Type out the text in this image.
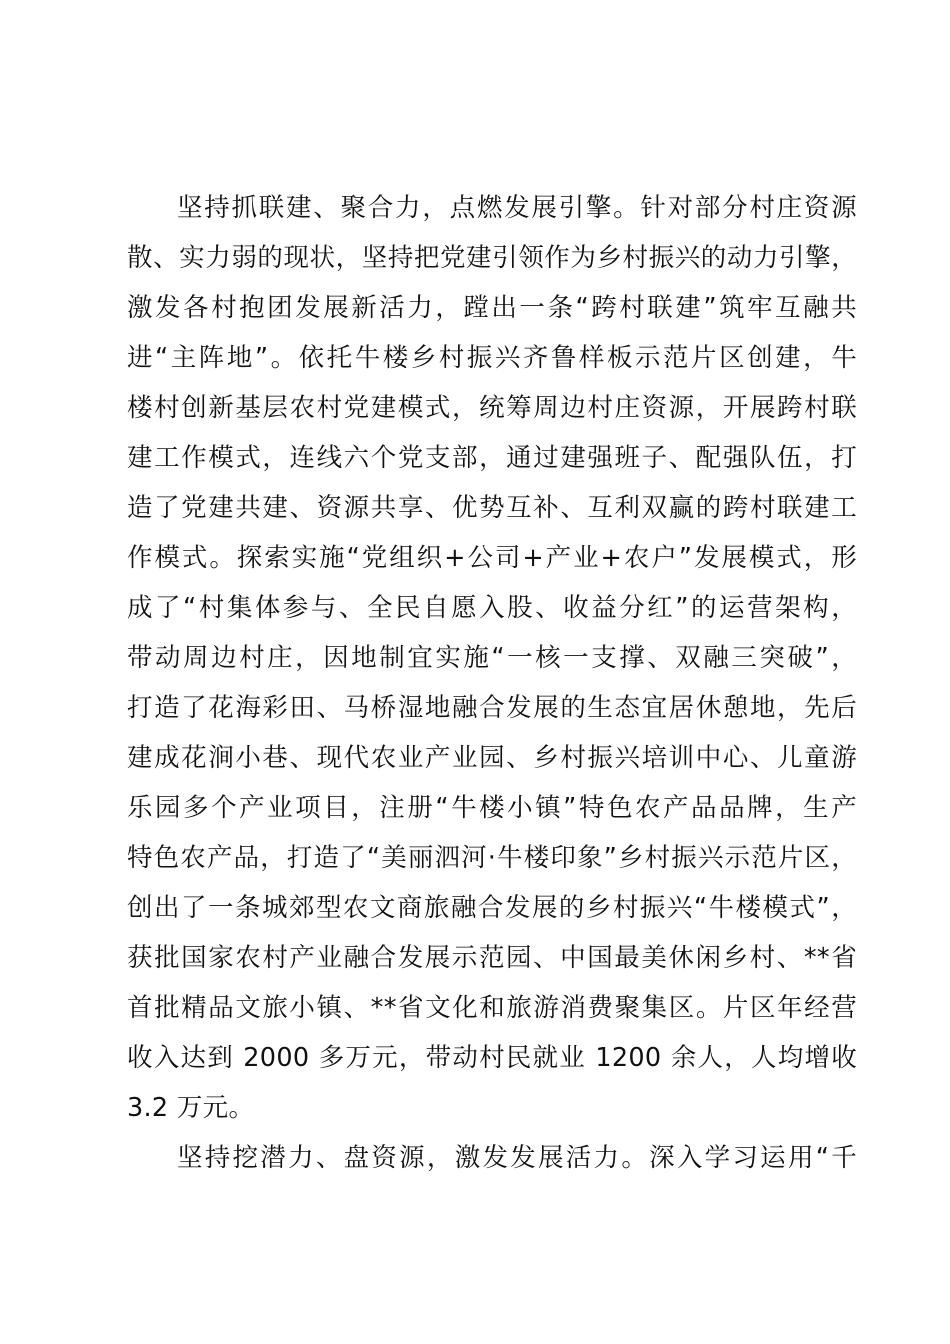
坚持抓联建、聚合力，点燃发展引擎。针对部分村庄资源
散、实力弱的现状，坚持把党建引领作为乡村振兴的动力引擎，
激发各村抱团发展新活力，蹚出一条“跨村联建”筑牢互融共
进“主阵地”。依托牛楼乡村振兴齐鲁样板示范片区创建，牛
楼村创新基层农村党建模式，统筹周边村庄资源，开展跨村联
建工作模式，连线六个党支部，通过建强班子、配强队伍，打
造了党建共建、资源共享、优势互补、互利双赢的跨村联建工
作模式。探索实施“党组织+公司+产业+农户”发展模式，形
成了“村集体参与、全民自愿入股、收益分红”的运营架构，
带动周边村庄，因地制宜实施“一核一支撑、双融三突破”，
打造了花海彩田、马桥湿地融合发展的生态宜居休憩地，先后
建成花涧小巷、现代农业产业园、乡村振兴培训中心、儿童游
乐园多个产业项目，注册“牛楼小镇”特色农产品品牌，生产
特色农产品，打造了“美丽泗河·牛楼印象”乡村振兴示范片区，
创出了一条城郊型农文商旅融合发展的乡村振兴“牛楼模式”，
获批国家农村产业融合发展示范园、中国最美休闲乡村、**省
首批精品文旅小镇、**省文化和旅游消费聚集区。片区年经营
收入达到 2000 多万元，带动村民就业 1200 余人，人均增收
3.2 万元。
坚持挖潜力、盘资源，激发发展活力。深入学习运用“千
